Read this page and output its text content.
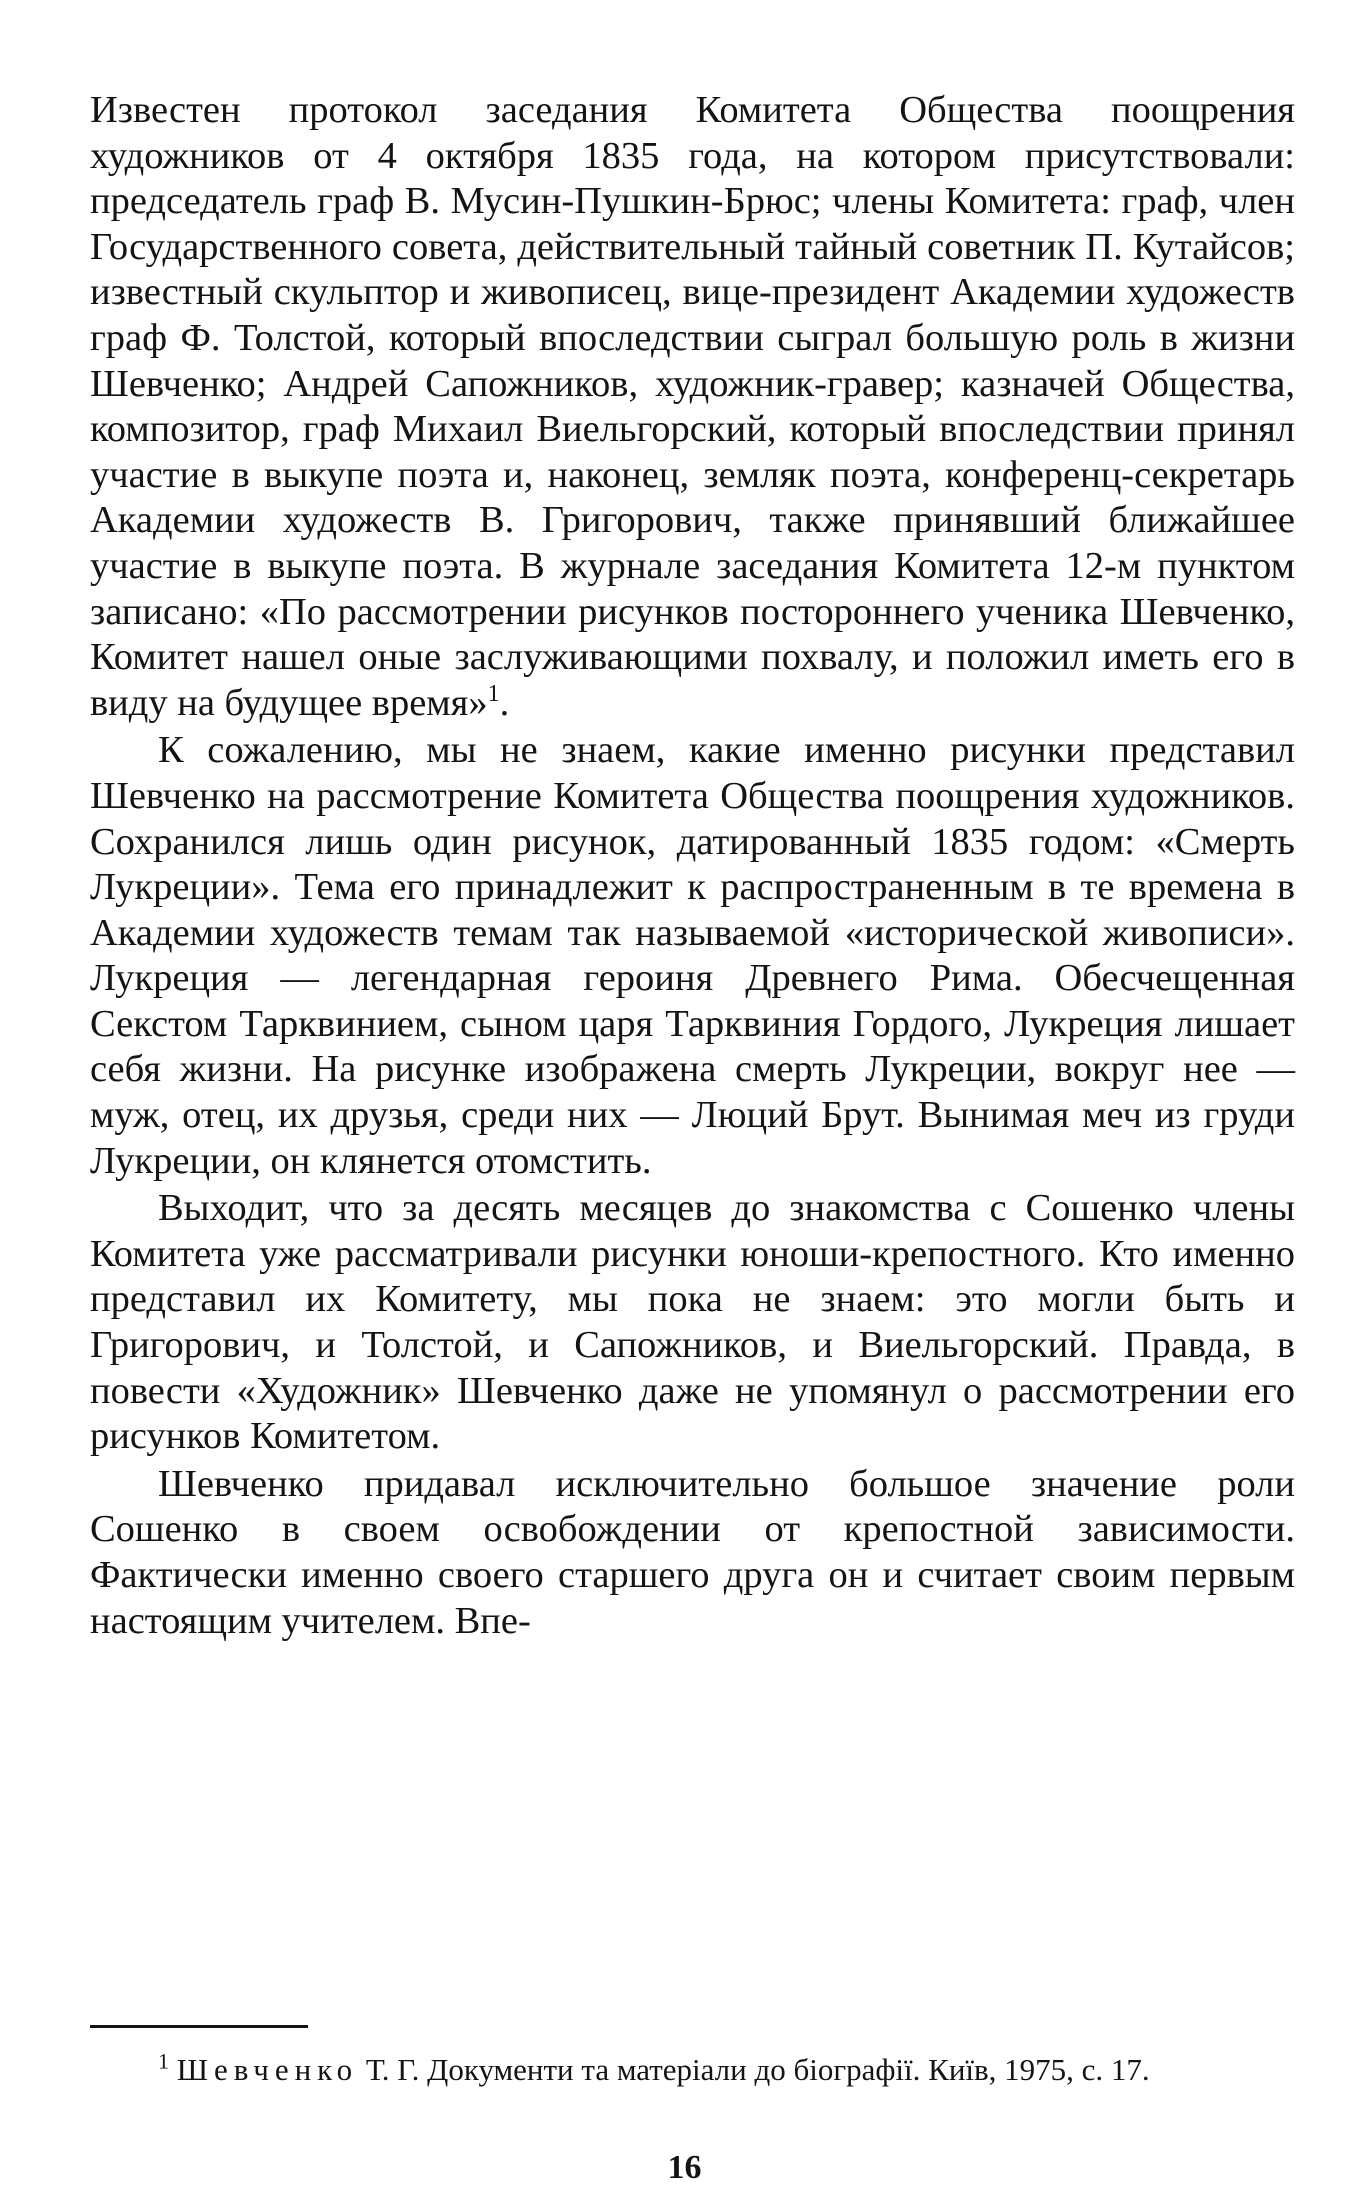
Известен протокол заседания Комитета Общества поощрения художников от 4 октября 1835 года, на котором присутствовали: председатель граф В. Мусин-Пушкин-Брюс; члены Комитета: граф, член Государственного совета, действительный тайный советник П. Кутайсов; известный скульптор и живописец, вице-президент Академии художеств граф Ф. Толстой, который впоследствии сыграл большую роль в жизни Шевченко; Андрей Сапожников, художник-гравер; казначей Общества, композитор, граф Михаил Виельгорский, который впоследствии принял участие в выкупе поэта и, наконец, земляк поэта, конференц-секретарь Академии художеств В. Григорович, также принявший ближайшее участие в выкупе поэта. В журнале заседания Комитета 12-м пунктом записано: «По рассмотрении рисунков постороннего ученика Шевченко, Комитет нашел оные заслуживающими похвалу, и положил иметь его в виду на будущее время»$^1$.

К сожалению, мы не знаем, какие именно рисунки представил Шевченко на рассмотрение Комитета Общества поощрения художников. Сохранился лишь один рисунок, датированный 1835 годом: «Смерть Лукреции». Тема его принадлежит к распространенным в те времена в Академии художеств темам так называемой «исторической живописи». Лукреция — легендарная героиня Древнего Рима. Обесчещенная Секстом Тарквинием, сыном царя Тарквиния Гордого, Лукреция лишает себя жизни. На рисунке изображена смерть Лукреции, вокруг нее — муж, отец, их друзья, среди них — Люций Брут. Вынимая меч из груди Лукреции, он клянется отомстить.

Выходит, что за десять месяцев до знакомства с Сошенко члены Комитета уже рассматривали рисунки юноши-крепостного. Кто именно представил их Комитету, мы пока не знаем: это могли быть и Григорович, и Толстой, и Сапожников, и Виельгорский. Правда, в повести «Художник» Шевченко даже не упомянул о рассмотрении его рисунков Комитетом.

Шевченко придавал исключительно большое значение роли Сошенко в своем освобождении от крепостной зависимости. Фактически именно своего старшего друга он и считает своим первым настоящим учителем. Впе-

$^1$ Шевченко Т. Г. Документи та матеріали до біографії. Київ, 1975, с. 17.

16
